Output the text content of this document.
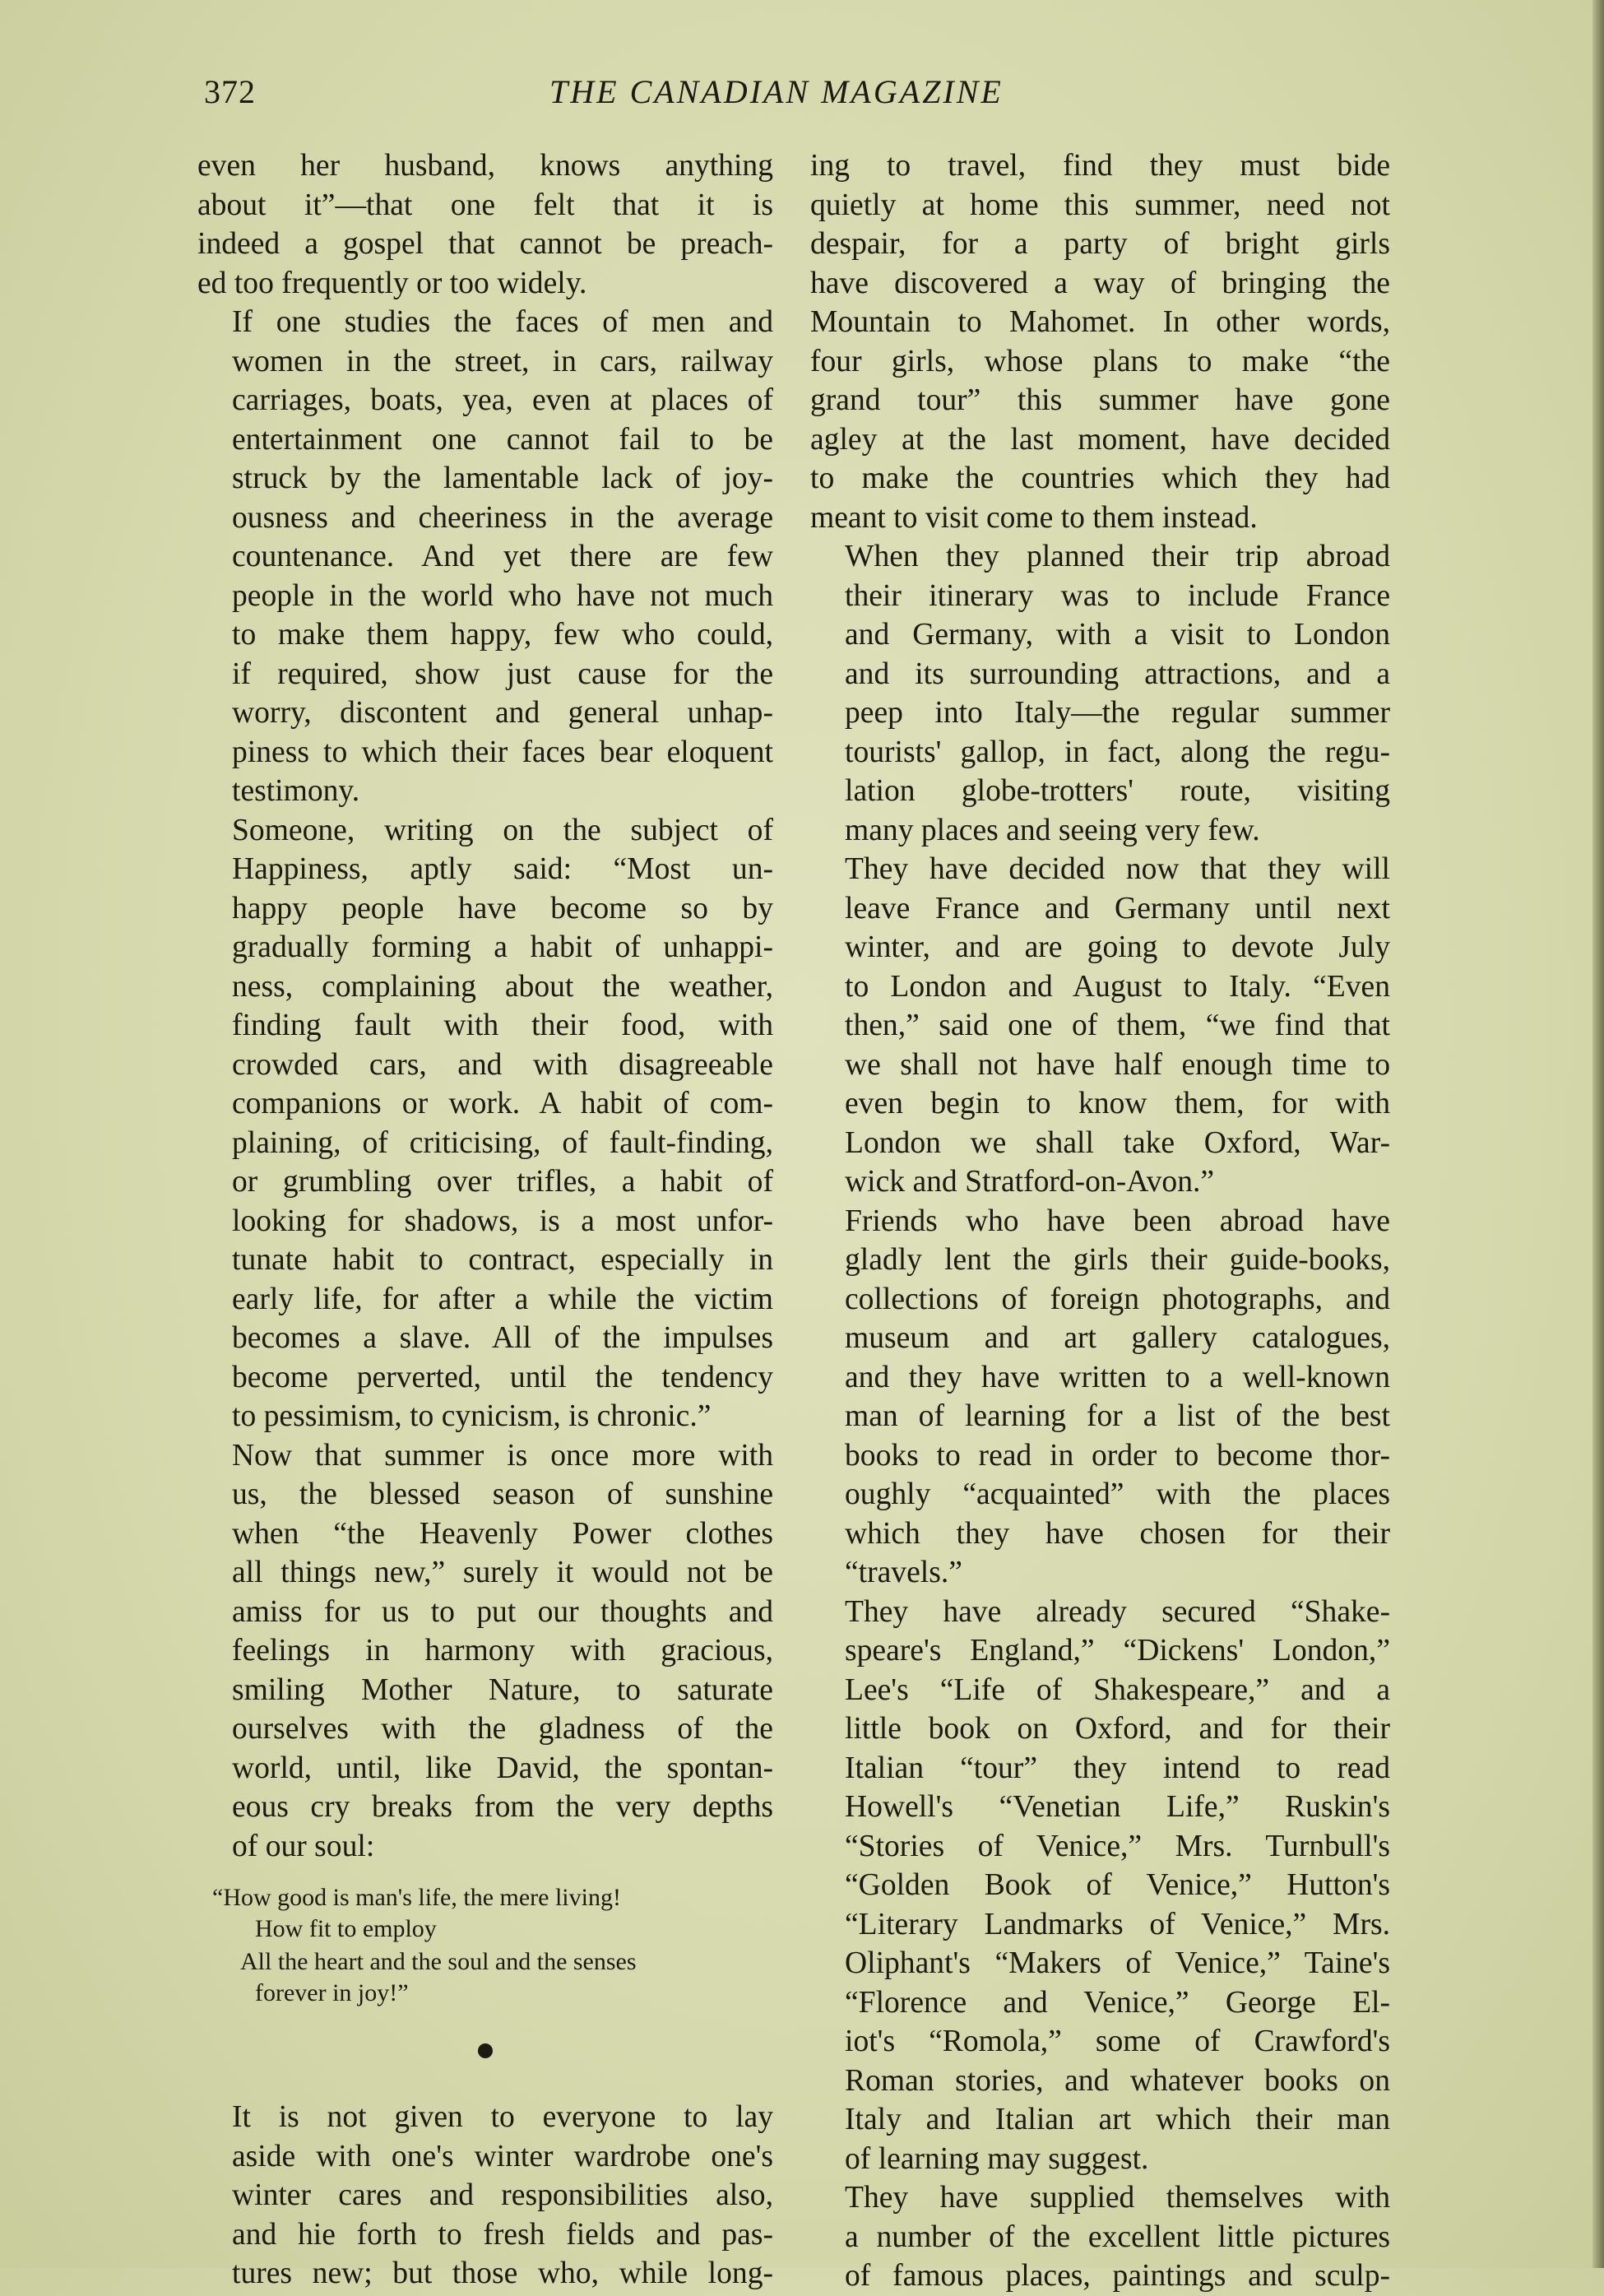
372	THE CANADIAN MAGAZINE

even her husband, knows anything
about it”—that one felt that it is
indeed a gospel that cannot be preach-
ed too frequently or too widely.

If one studies the faces of men and
women in the street, in cars, railway
carriages, boats, yea, even at places of
entertainment one cannot fail to be
struck by the lamentable lack of joy-
ousness and cheeriness in the average
countenance. And yet there are few
people in the world who have not much
to make them happy, few who could,
if required, show just cause for the
worry, discontent and general unhap-
piness to which their faces bear eloquent
testimony.

Someone, writing on the subject of
Happiness, aptly said: “Most un-
happy people have become so by
gradually forming a habit of unhappi-
ness, complaining about the weather,
finding fault with their food, with
crowded cars, and with disagreeable
companions or work. A habit of com-
plaining, of criticising, of fault-finding,
or grumbling over trifles, a habit of
looking for shadows, is a most unfor-
tunate habit to contract, especially in
early life, for after a while the victim
becomes a slave. All of the impulses
become perverted, until the tendency
to pessimism, to cynicism, is chronic.”

Now that summer is once more with
us, the blessed season of sunshine
when “the Heavenly Power clothes
all things new,” surely it would not be
amiss for us to put our thoughts and
feelings in harmony with gracious,
smiling Mother Nature, to saturate
ourselves with the gladness of the
world, until, like David, the spontan-
eous cry breaks from the very depths
of our soul:

“How good is man's life, the mere living!
How fit to employ
All the heart and the soul and the senses
forever in joy!”

It is not given to everyone to lay
aside with one's winter wardrobe one's
winter cares and responsibilities also,
and hie forth to fresh fields and pas-
tures new; but those who, while long-

ing to travel, find they must bide
quietly at home this summer, need not
despair, for a party of bright girls
have discovered a way of bringing the
Mountain to Mahomet. In other words,
four girls, whose plans to make “the
grand tour” this summer have gone
agley at the last moment, have decided
to make the countries which they had
meant to visit come to them instead.

When they planned their trip abroad
their itinerary was to include France
and Germany, with a visit to London
and its surrounding attractions, and a
peep into Italy—the regular summer
tourists' gallop, in fact, along the regu-
lation globe-trotters' route, visiting
many places and seeing very few.

They have decided now that they will
leave France and Germany until next
winter, and are going to devote July
to London and August to Italy. “Even
then,” said one of them, “we find that
we shall not have half enough time to
even begin to know them, for with
London we shall take Oxford, War-
wick and Stratford-on-Avon.”

Friends who have been abroad have
gladly lent the girls their guide-books,
collections of foreign photographs, and
museum and art gallery catalogues,
and they have written to a well-known
man of learning for a list of the best
books to read in order to become thor-
oughly “acquainted” with the places
which they have chosen for their
“travels.”

They have already secured “Shake-
speare's England,” “Dickens' London,”
Lee's “Life of Shakespeare,” and a
little book on Oxford, and for their
Italian “tour” they intend to read
Howell's “Venetian Life,” Ruskin's
“Stories of Venice,” Mrs. Turnbull's
“Golden Book of Venice,” Hutton's
“Literary Landmarks of Venice,” Mrs.
Oliphant's “Makers of Venice,” Taine's
“Florence and Venice,” George El-
iot's “Romola,” some of Crawford's
Roman stories, and whatever books on
Italy and Italian art which their man
of learning may suggest.

They have supplied themselves with
a number of the excellent little pictures
of famous places, paintings and sculp-
